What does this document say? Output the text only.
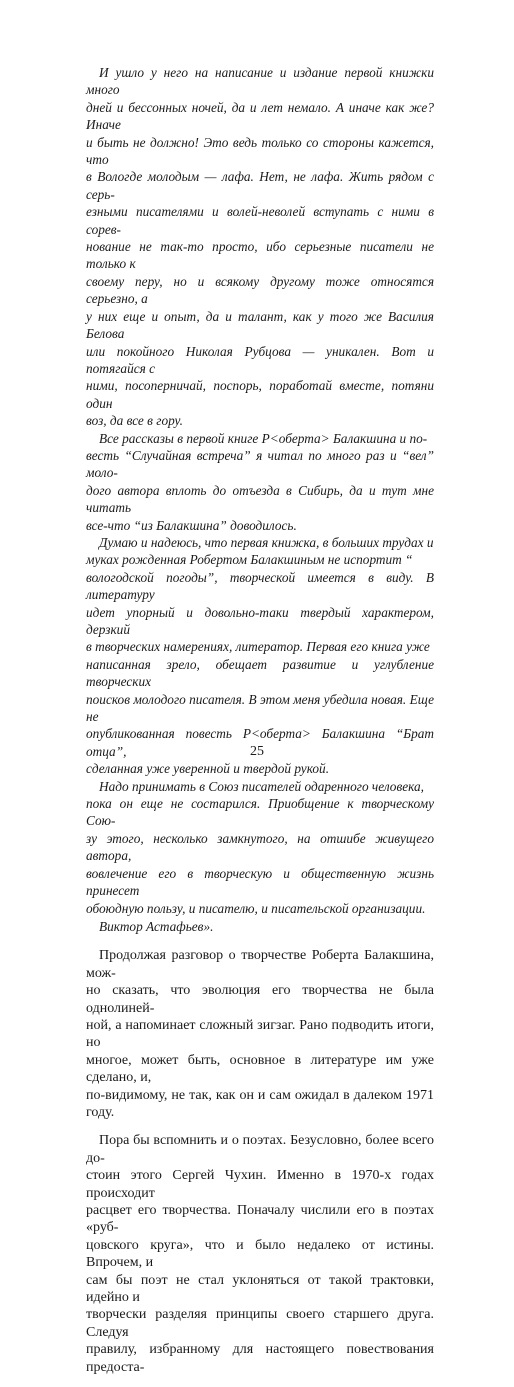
И ушло у него на написание и издание первой книжки много
дней и бессонных ночей, да и лет немало. А иначе как же? Иначе
и быть не должно! Это ведь только со стороны кажется, что
в Вологде молодым — лафа. Нет, не лафа. Жить рядом с серь-
езными писателями и волей-неволей вступать с ними в сорев-
нование не так-то просто, ибо серьезные писатели не только к
своему перу, но и всякому другому тоже относятся серьезно, а
у них еще и опыт, да и талант, как у того же Василия Белова
или покойного Николая Рубцова — уникален. Вот и потягайся с
ними, посоперничай, поспорь, поработай вместе, потяни один
воз, да все в гору.

Все рассказы в первой книге Р<оберта> Балакшина и по-
весть “Случайная встреча” я читал по много раз и “вел” моло-
дого автора вплоть до отъезда в Сибирь, да и тут мне читать
все-что “из Балакшина” доводилось.

Думаю и надеюсь, что первая книжка, в больших трудах и
муках рожденная Робертом Балакшиным не испортит “
вологодской погоды”, творческой имеется в виду. В литературу
идет упорный и довольно-таки твердый характером, дерзкий
в творческих намерениях, литератор. Первая его книга уже
написанная зрело, обещает развитие и углубление творческих
поисков молодого писателя. В этом меня убедила новая. Еще не
опубликованная повесть Р<оберта> Балакшина “Брат отца”,
сделанная уже уверенной и твердой рукой.

Надо принимать в Союз писателей одаренного человека,
пока он еще не состарился. Приобщение к творческому Сою-
зу этого, несколько замкнутого, на отшибе живущего автора,
вовлечение его в творческую и общественную жизнь принесет
обоюдную пользу, и писателю, и писательской организации.

Виктор Астафьев».

Продолжая разговор о творчестве Роберта Балакшина, мож-
но сказать, что эволюция его творчества не была однолиней-
ной, а напоминает сложный зигзаг. Рано подводить итоги, но
многое, может быть, основное в литературе им уже сделано, и,
по-видимому, не так, как он и сам ожидал в далеком 1971 году.

Пора бы вспомнить и о поэтах. Безусловно, более всего до-
стоин этого Сергей Чухин. Именно в 1970-х годах происходит
расцвет его творчества. Поначалу числили его в поэтах «руб-
цовского круга», что и было недалеко от истины. Впрочем, и
сам бы поэт не стал уклоняться от такой трактовки, идейно и
творчески разделяя принципы своего старшего друга. Следуя
правилу, избранному для настоящего повествования предоста-

25
